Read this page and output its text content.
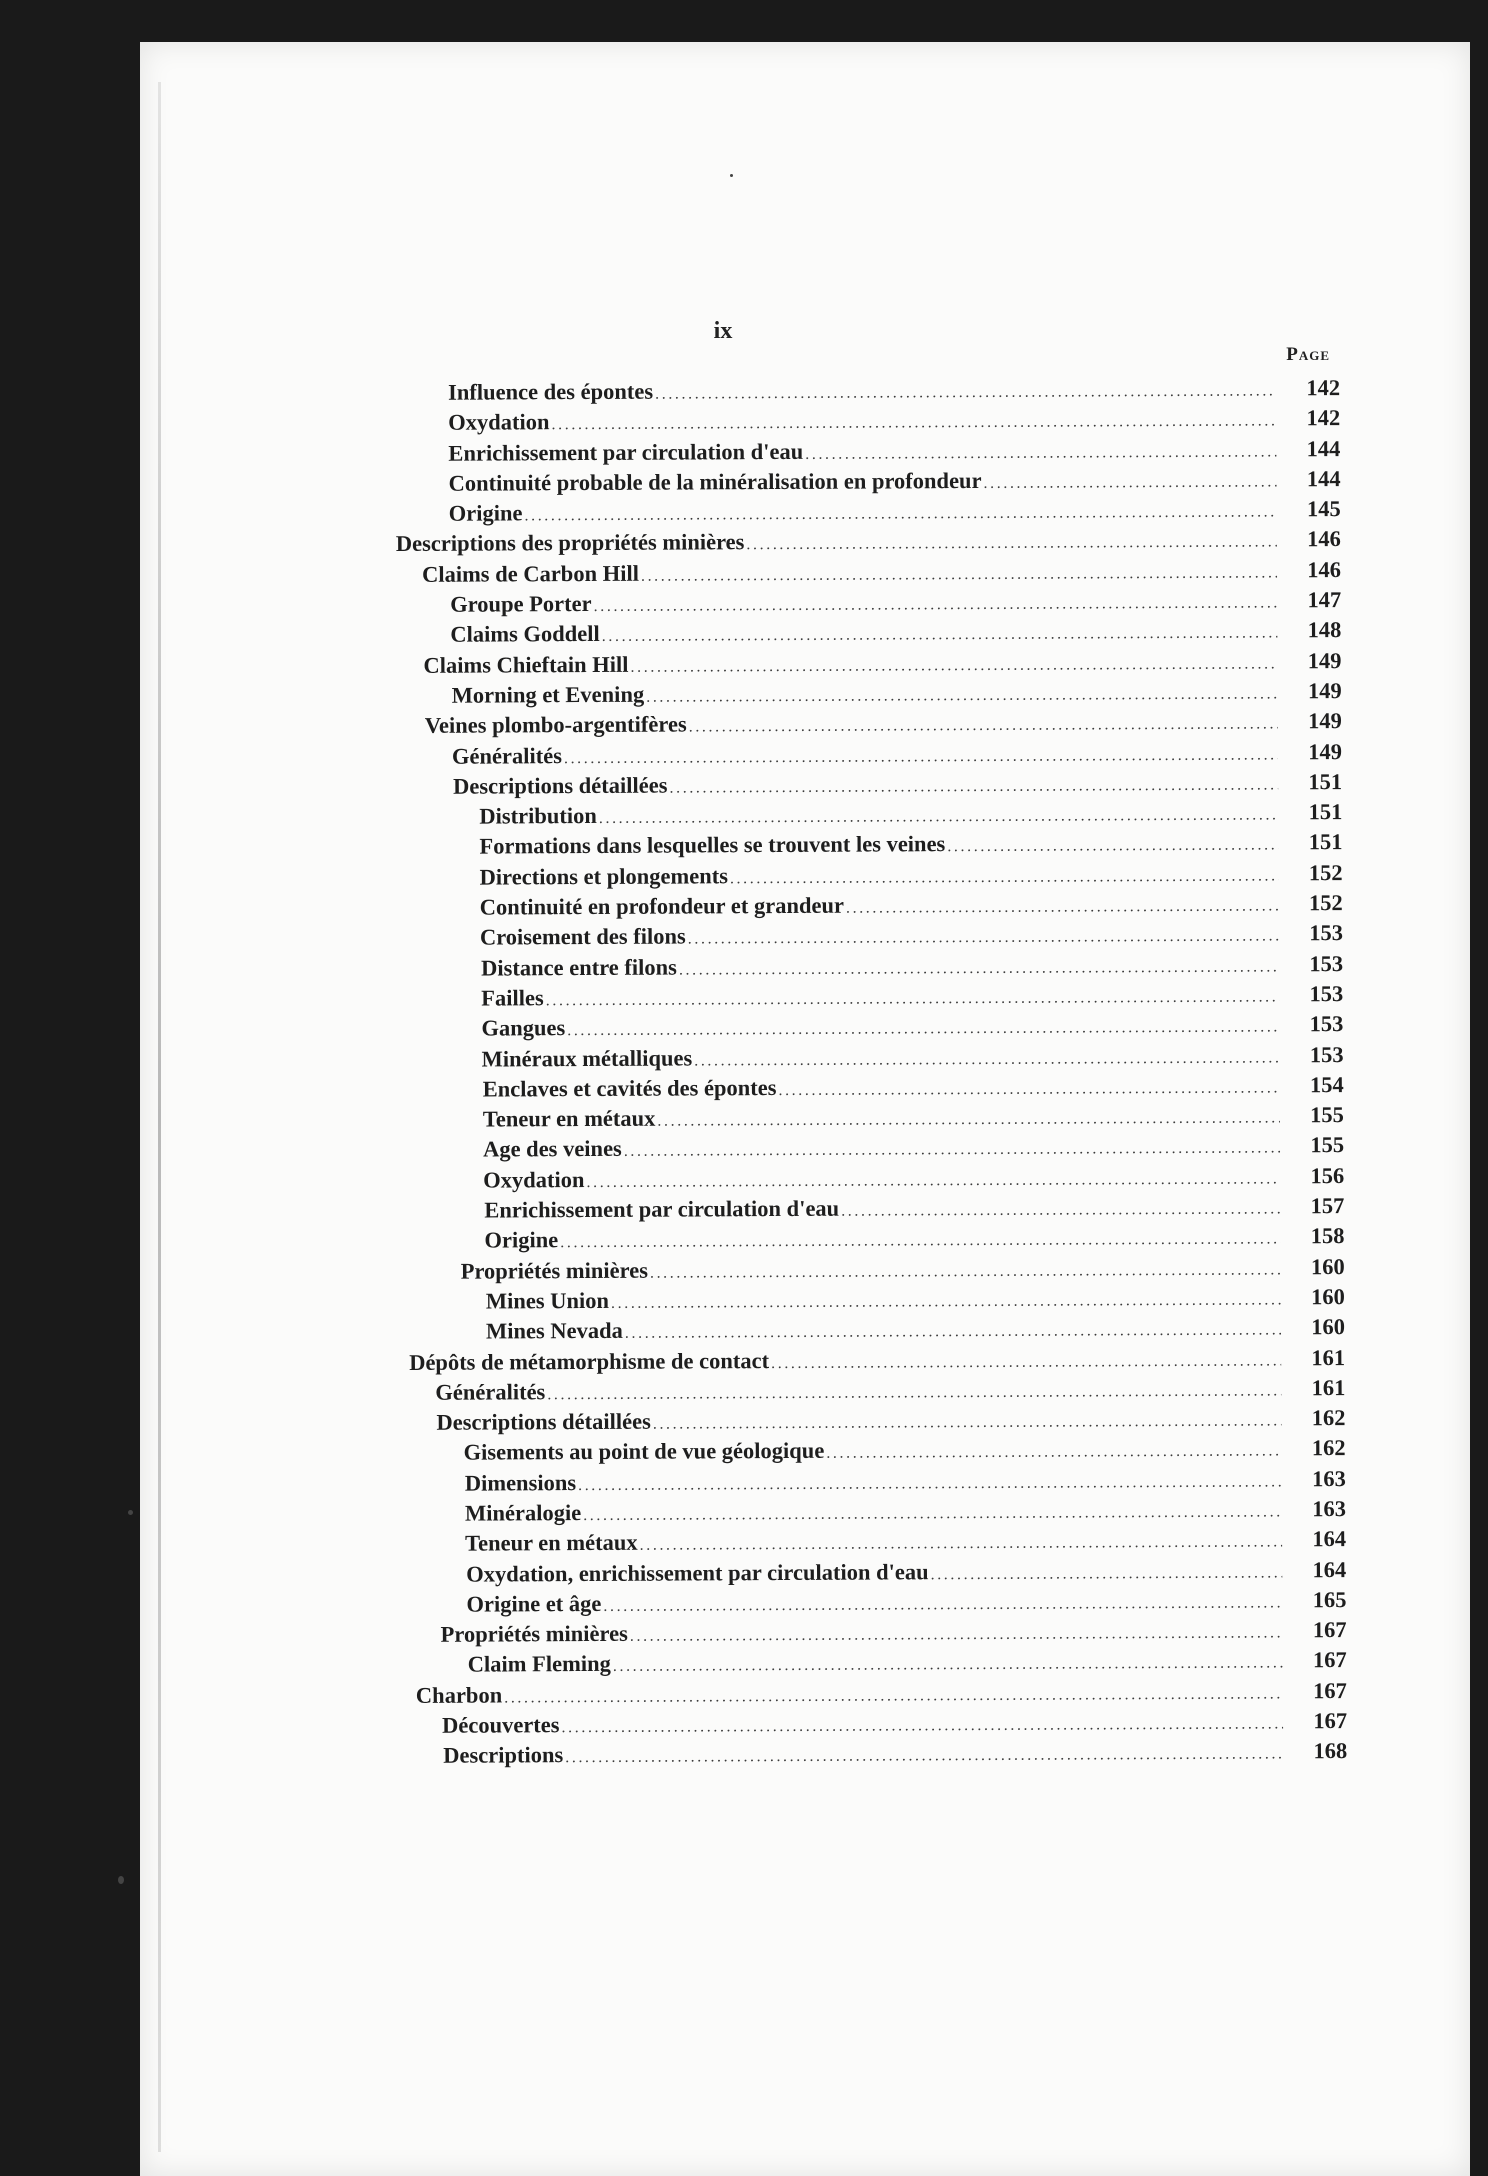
ix
Page
Influence des épontes .....	142
Oxydation .....	142
Enrichissement par circulation d'eau .....	144
Continuité probable de la minéralisation en profondeur .....	144
Origine .....	145
Descriptions des propriétés minières .....	146
Claims de Carbon Hill .....	146
Groupe Porter .....	147
Claims Goddell .....	148
Claims Chieftain Hill .....	149
Morning et Evening .....	149
Veines plombo-argentifères .....	149
Généralités .....	149
Descriptions détaillées .....	151
Distribution .....	151
Formations dans lesquelles se trouvent les veines .....	151
Directions et plongements .....	152
Continuité en profondeur et grandeur .....	152
Croisement des filons .....	153
Distance entre filons .....	153
Failles .....	153
Gangues .....	153
Minéraux métalliques .....	153
Enclaves et cavités des épontes .....	154
Teneur en métaux .....	155
Age des veines .....	155
Oxydation .....	156
Enrichissement par circulation d'eau .....	157
Origine .....	158
Propriétés minières .....	160
Mines Union .....	160
Mines Nevada .....	160
Dépôts de métamorphisme de contact .....	161
Généralités .....	161
Descriptions détaillées .....	162
Gisements au point de vue géologique .....	162
Dimensions .....	163
Minéralogie .....	163
Teneur en métaux .....	164
Oxydation, enrichissement par circulation d'eau .....	164
Origine et âge .....	165
Propriétés minières .....	167
Claim Fleming .....	167
Charbon .....	167
Découvertes .....	167
Descriptions .....	168
